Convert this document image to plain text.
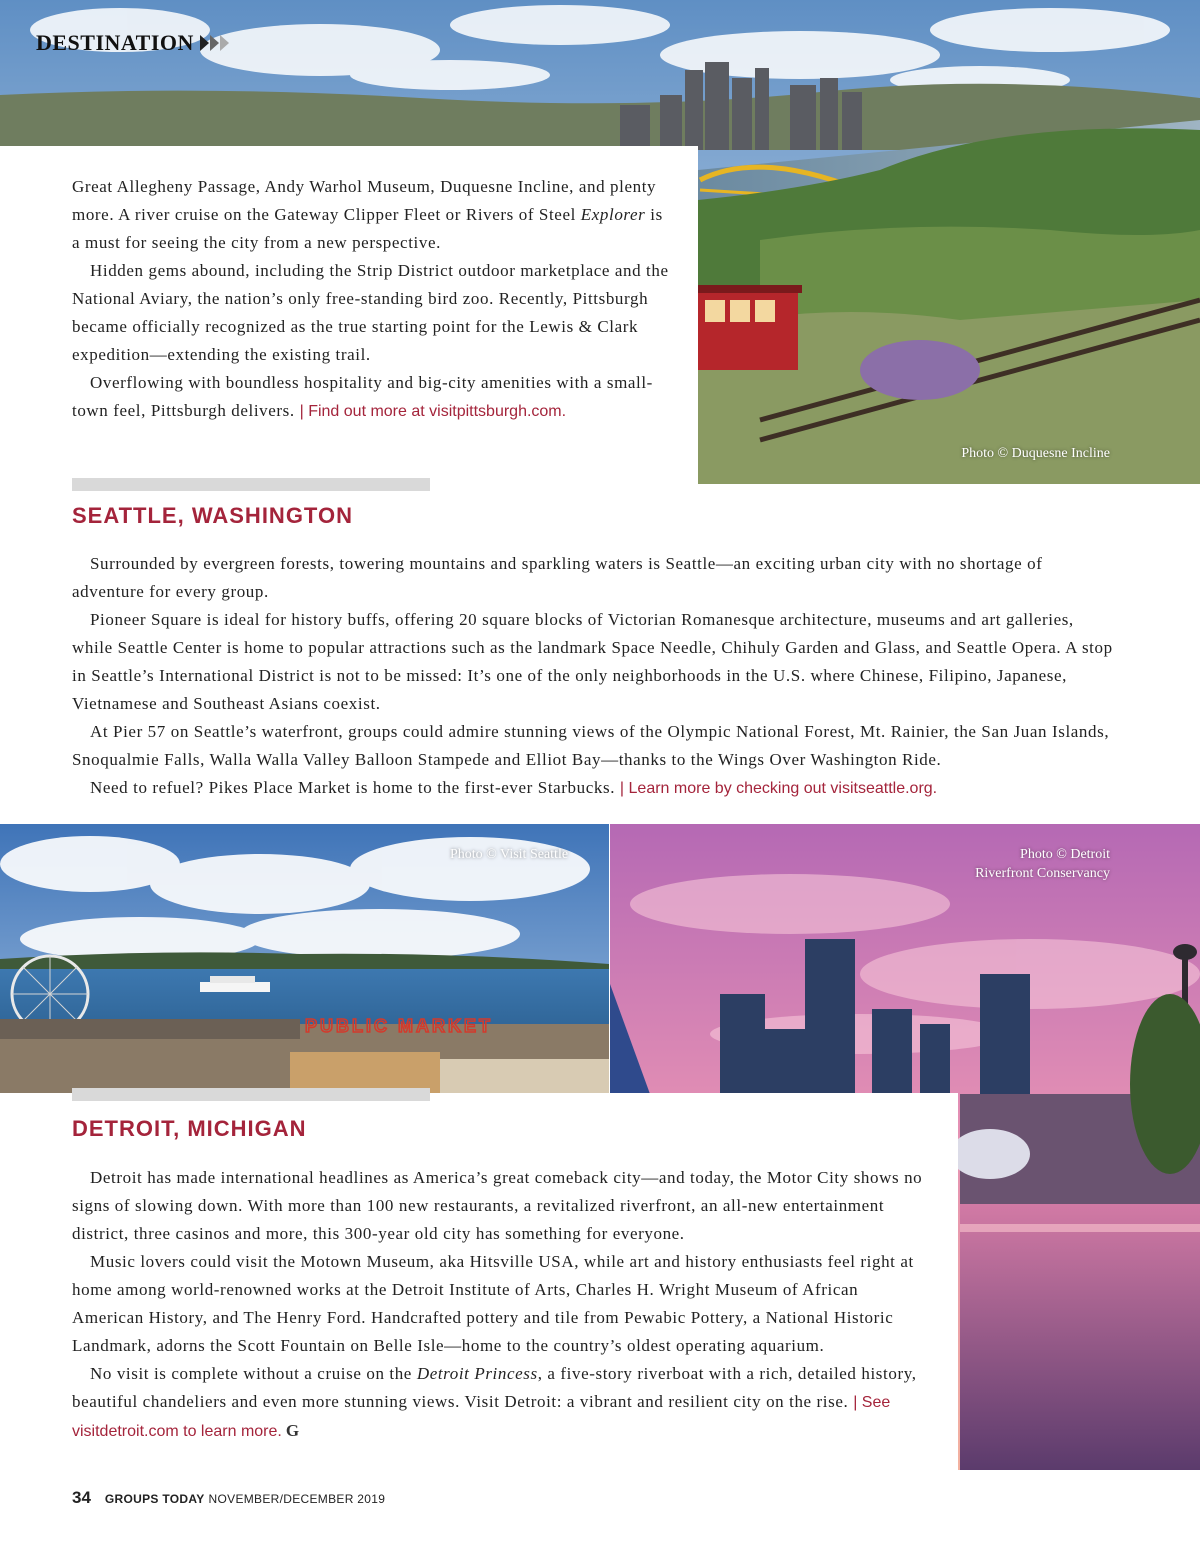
DESTINATION

Great Allegheny Passage, Andy Warhol Museum, Duquesne Incline, and plenty more. A river cruise on the Gateway Clipper Fleet or Rivers of Steel Explorer is a must for seeing the city from a new perspective.

Hidden gems abound, including the Strip District outdoor marketplace and the National Aviary, the nation’s only free-standing bird zoo. Recently, Pittsburgh became officially recognized as the true starting point for the Lewis & Clark expedition—extending the existing trail.

Overflowing with boundless hospitality and big-city amenities with a small-town feel, Pittsburgh delivers. | Find out more at visitpittsburgh.com.

Photo © Duquesne Incline
SEATTLE, WASHINGTON

Surrounded by evergreen forests, towering mountains and sparkling waters is Seattle—an exciting urban city with no shortage of adventure for every group.

Pioneer Square is ideal for history buffs, offering 20 square blocks of Victorian Romanesque architecture, museums and art galleries, while Seattle Center is home to popular attractions such as the landmark Space Needle, Chihuly Garden and Glass, and Seattle Opera. A stop in Seattle’s International District is not to be missed: It’s one of the only neighborhoods in the U.S. where Chinese, Filipino, Japanese, Vietnamese and Southeast Asians coexist.

At Pier 57 on Seattle’s waterfront, groups could admire stunning views of the Olympic National Forest, Mt. Rainier, the San Juan Islands, Snoqualmie Falls, Walla Walla Valley Balloon Stampede and Elliot Bay—thanks to the Wings Over Washington Ride.

Need to refuel? Pikes Place Market is home to the first-ever Starbucks. | Learn more by checking out visitseattle.org.

PUBLIC MARKET
Photo © Visit Seattle	Photo © Detroit
Riverfront Conservancy
DETROIT, MICHIGAN

Detroit has made international headlines as America’s great comeback city—and today, the Motor City shows no signs of slowing down. With more than 100 new restaurants, a revitalized riverfront, an all-new entertainment district, three casinos and more, this 300-year old city has something for everyone.

Music lovers could visit the Motown Museum, aka Hitsville USA, while art and history enthusiasts feel right at home among world-renowned works at the Detroit Institute of Arts, Charles H. Wright Museum of African American History, and The Henry Ford. Handcrafted pottery and tile from Pewabic Pottery, a National Historic Landmark, adorns the Scott Fountain on Belle Isle—home to the country’s oldest operating aquarium.

No visit is complete without a cruise on the Detroit Princess, a five-story riverboat with a rich, detailed history, beautiful chandeliers and even more stunning views. Visit Detroit: a vibrant and resilient city on the rise. | See visitdetroit.com to learn more. G

34 GROUPS TODAY NOVEMBER/DECEMBER 2019
